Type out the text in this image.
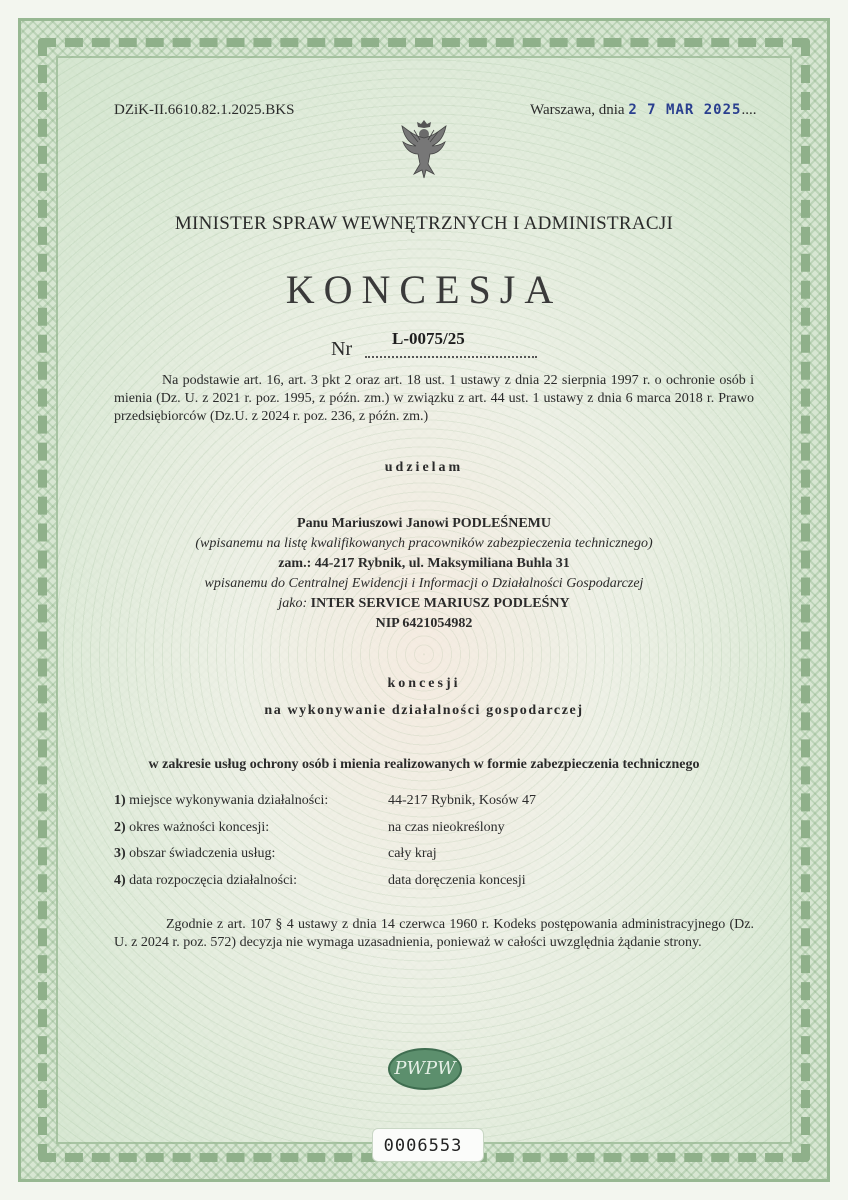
DZiK-II.6610.82.1.2025.BKS	Warszawa, dnia 2 7 MAR 2025....
MINISTER SPRAW WEWNĘTRZNYCH I ADMINISTRACJI
KONCESJA
Nr L-0075/25
Na podstawie art. 16, art. 3 pkt 2 oraz art. 18 ust. 1 ustawy z dnia 22 sierpnia 1997 r. o ochronie osób i mienia (Dz. U. z 2021 r. poz. 1995, z późn. zm.) w związku z art. 44 ust. 1 ustawy z dnia 6 marca 2018 r. Prawo przedsiębiorców (Dz.U. z 2024 r. poz. 236, z późn. zm.)
udzielam
Panu Mariuszowi Janowi PODLEŚNEMU
(wpisanemu na listę kwalifikowanych pracowników zabezpieczenia technicznego)
zam.: 44-217 Rybnik, ul. Maksymiliana Buhla 31
wpisanemu do Centralnej Ewidencji i Informacji o Działalności Gospodarczej
jako: INTER SERVICE MARIUSZ PODLEŚNY
NIP 6421054982
koncesji
na wykonywanie działalności gospodarczej
w zakresie usług ochrony osób i mienia realizowanych w formie zabezpieczenia technicznego
1) miejsce wykonywania działalności:	44-217 Rybnik, Kosów 47
2) okres ważności koncesji:	na czas nieokreślony
3) obszar świadczenia usług:	cały kraj
4) data rozpoczęcia działalności:	data doręczenia koncesji
Zgodnie z art. 107 § 4 ustawy z dnia 14 czerwca 1960 r. Kodeks postępowania administracyjnego (Dz. U. z 2024 r. poz. 572) decyzja nie wymaga uzasadnienia, ponieważ w całości uwzględnia żądanie strony.
PWPW
0006553
